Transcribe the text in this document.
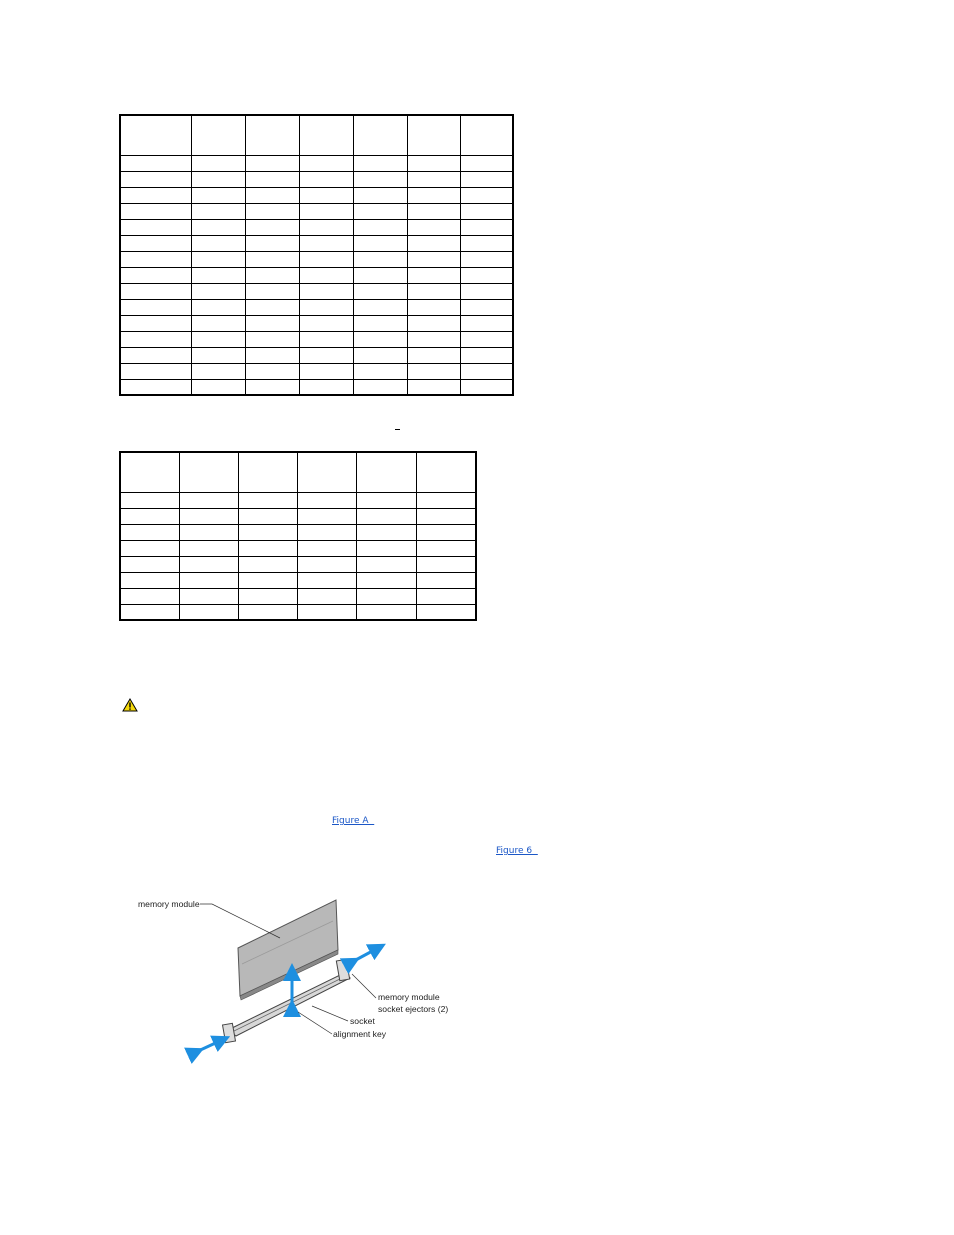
Figure A
Figure 6
memory module
memory module
socket ejectors (2)
socket
alignment key
